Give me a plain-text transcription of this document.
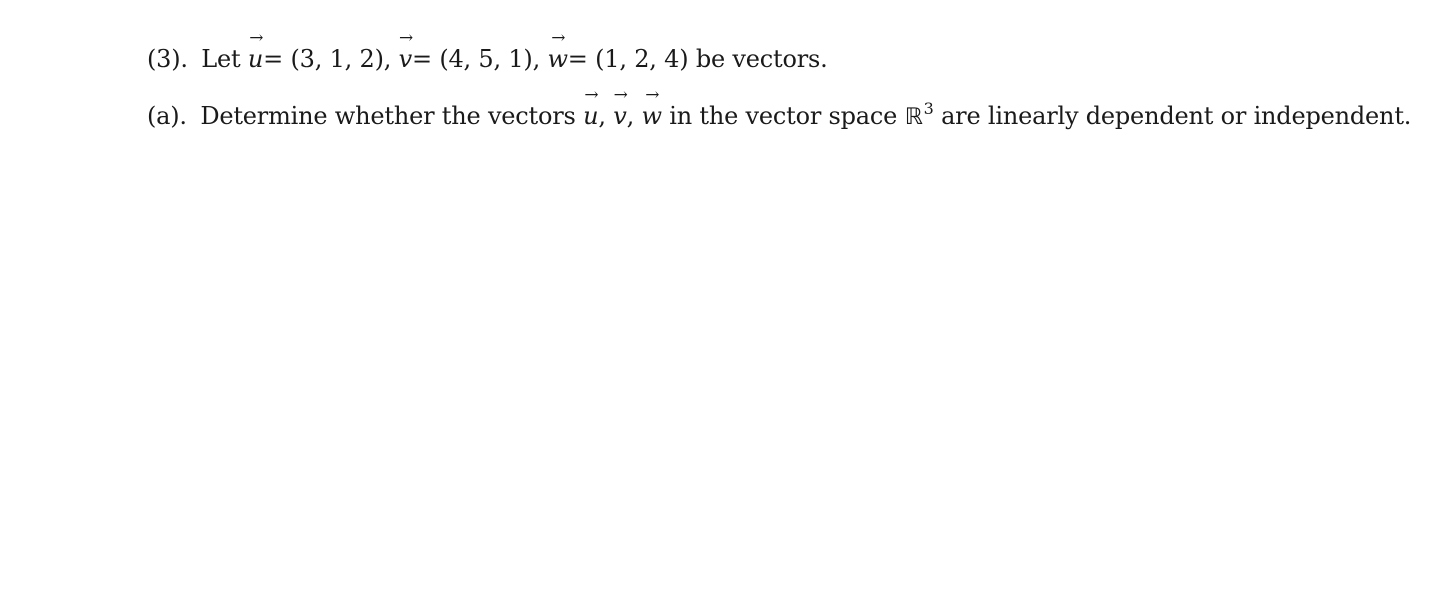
(3). Let
→
u= (3, 1, 2),
→
v= (4, 5, 1),
→
w= (1, 2, 4) be vectors.
(a). Determine whether the vectors
→
u,
→
v,
→
w in the vector space ℝ$^3$ are linearly dependent or independent.
